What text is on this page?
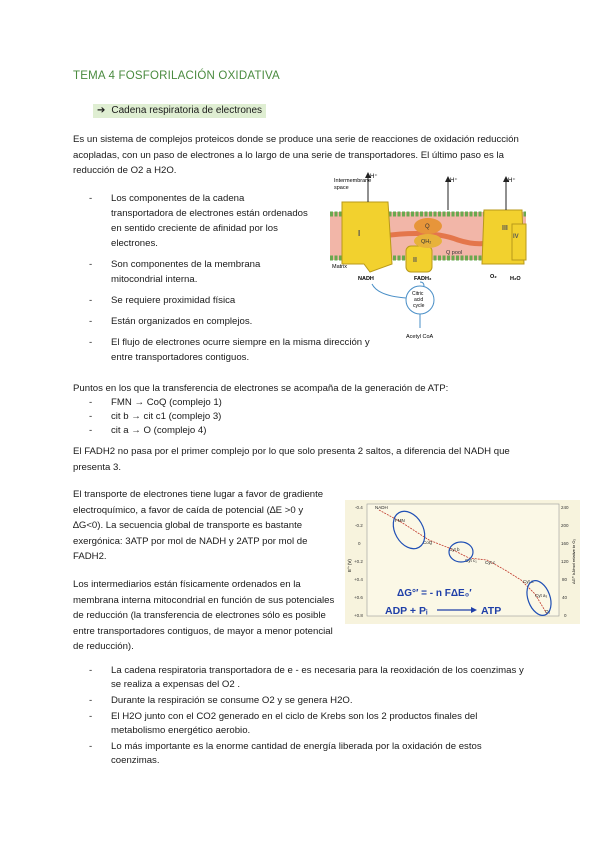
TEMA 4 FOSFORILACIÓN OXIDATIVA
➔ Cadena respiratoria de electrones

Es un sistema de complejos proteicos donde se produce una serie de reacciones de oxidación reducción acopladas, con un paso de electrones a lo largo de una serie de transportadores. El último paso es la reducción de O2 a H2O.

- Los componentes de la cadena transportadora de electrones están ordenados en sentido creciente de afinidad por los electrones.
- Son componentes de la membrana mitocondrial interna.
- Se requiere proximidad física
- Están organizados en complejos.
- El flujo de electrones ocurre siempre en la misma dirección y entre transportadores contiguos.
Intermembrane
space
I
II
Q
QH₂
Q pool
III
IV
H⁺
H⁺	H⁺
Matrix
NADH	FADH₂	O₂ H₂O
Citric
acid
cycle
Acetyl CoA

Puntos en los que la transferencia de electrones se acompaña de la generación de ATP:

- FMN → CoQ (complejo 1)
- cit b → cit c1 (complejo 3)
- cit a → O (complejo 4)

El FADH2 no pasa por el primer complejo por lo que solo presenta 2 saltos, a diferencia del NADH que presenta 3.

El transporte de electrones tiene lugar a favor de gradiente electroquímico, a favor de caída de potencial (∆E >0 y ∆G<0). La secuencia global de transporte es bastante exergónica: 3ATP por mol de NADH y 2ATP por mol de FADH2.

Los intermediarios están físicamente ordenados en la membrana interna mitocondrial en función de sus potenciales de reducción (la transferencia de electrones sólo es posible entre transportadores contiguos, de mayor a menor potencial de reducción).

E°′ (V)	ΔG°′ kJ/mol relative to O₂
-0.4
-0.2
0
+0.2
+0.4
+0.6
+0.8
240
200
160
120
80
40
0
NADH
FMN
CoQ
Cyt b
Cyt c₁ Cyt c
Cyt a
Cyt a₃
O₂
ΔG°′ = - n FΔE₀′
ADP + Pᵢ	ATP
- La cadena respiratoria transportadora de e - es necesaria para la reoxidación de los coenzimas y se realiza a expensas del O2 .
- Durante la respiración se consume O2 y se genera H2O.
- El H2O junto con el CO2 generado en el ciclo de Krebs son los 2 productos finales del metabolismo energético aerobio.
- Lo más importante es la enorme cantidad de energía liberada por la oxidación de estos coenzimas.
